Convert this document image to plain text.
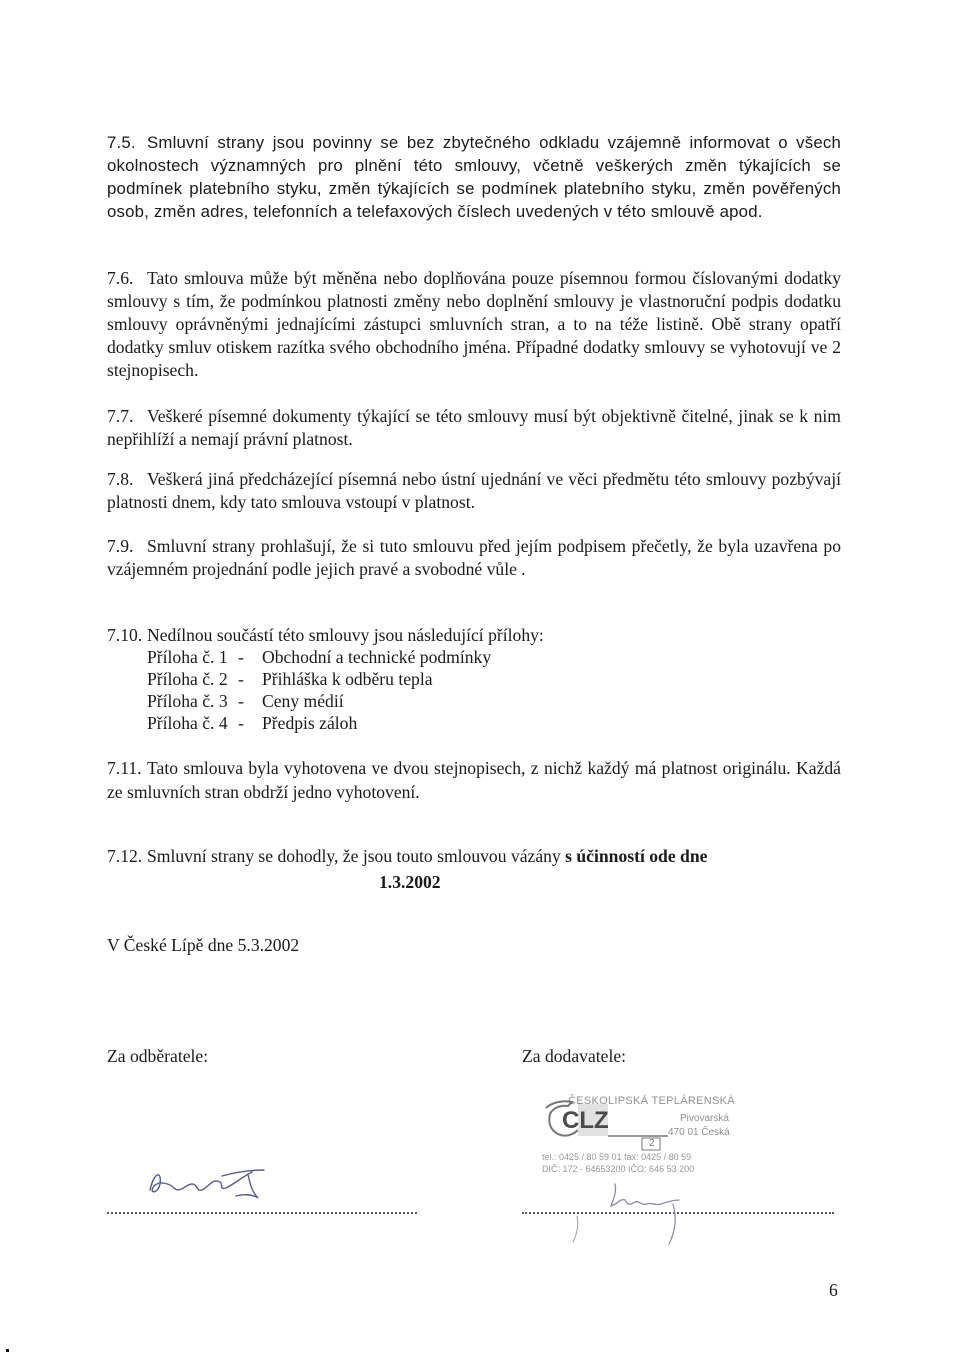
7.5. Smluvní strany jsou povinny se bez zbytečného odkladu vzájemně informovat o všech okolnostech významných pro plnění této smlouvy, včetně veškerých změn týkajících se podmínek platebního styku, změn týkajících se podmínek platebního styku, změn pověřených osob, změn adres, telefonních a telefaxových číslech uvedených v této smlouvě apod.
7.6. Tato smlouva může být měněna nebo doplňována pouze písemnou formou číslovanými dodatky smlouvy s tím, že podmínkou platnosti změny nebo doplnění smlouvy je vlastnoruční podpis dodatku smlouvy oprávněnými jednajícími zástupci smluvních stran, a to na téže listině. Obě strany opatří dodatky smluv otiskem razítka svého obchodního jména. Případné dodatky smlouvy se vyhotovují ve 2 stejnopisech.
7.7. Veškeré písemné dokumenty týkající se této smlouvy musí být objektivně čitelné, jinak se k nim nepřihlíží a nemají právní platnost.
7.8. Veškerá jiná předcházející písemná nebo ústní ujednání ve věci předmětu této smlouvy pozbývají platnosti dnem, kdy tato smlouva vstoupí v platnost.
7.9. Smluvní strany prohlašují, že si tuto smlouvu před jejím podpisem přečetly, že byla uzavřena po vzájemném projednání podle jejich pravé a svobodné vůle .
7.10. Nedílnou součástí této smlouvy jsou následující přílohy:
Příloha č. 1 - Obchodní a technické podmínky
Příloha č. 2 - Přihláška k odběru tepla
Příloha č. 3 - Ceny médií
Příloha č. 4 - Předpis záloh
7.11. Tato smlouva byla vyhotovena ve dvou stejnopisech, z nichž každý má platnost originálu. Každá ze smluvních stran obdrží jedno vyhotovení.
7.12. Smluvní strany se dohodly, že jsou touto smlouvou vázány s účinností ode dne
1.3.2002
V České Lípě dne 5.3.2002
Za odběratele:	Za dodavatele:
CLZ
2
ČESKOLIPSKÁ TEPLÁRENSKÁ
Pivovarská
470 01 Česká
tel.: 0425 / 80 59 01 fax: 0425 / 80 59
DIČ: 172 - 64653200 IČO: 646 53 200
6
